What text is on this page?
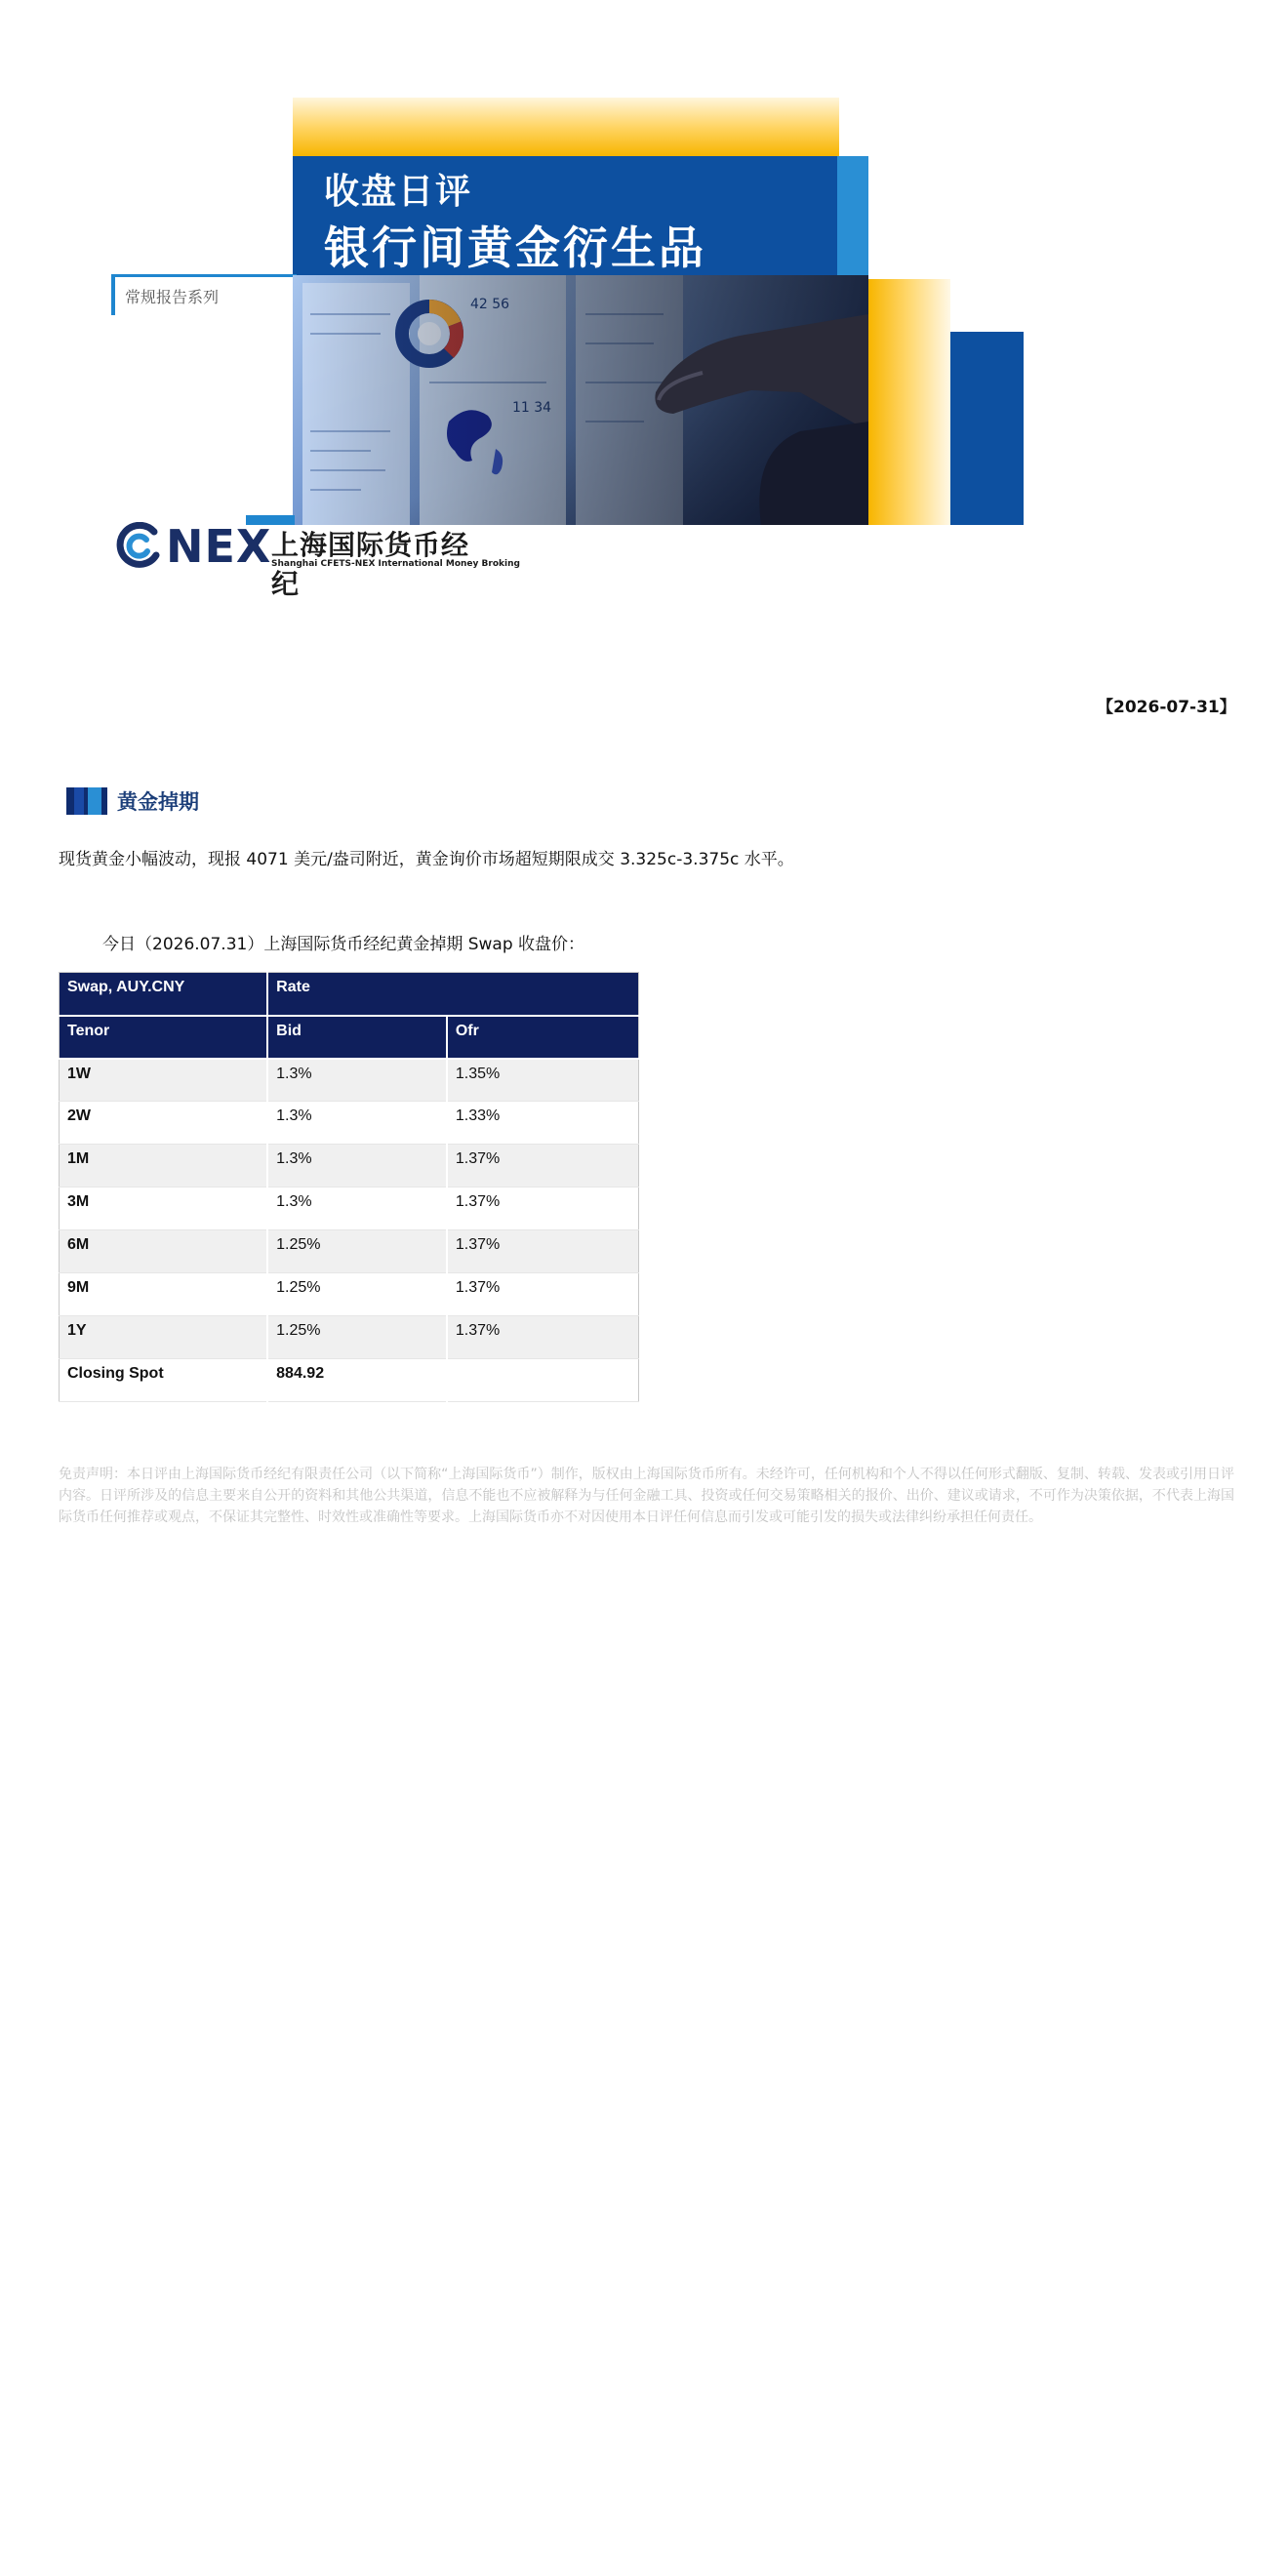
收盘日评
银行间黄金衍生品
常规报告系列
NEX 上海国际货币经纪
Shanghai CFETS-NEX International Money Broking
【2026-07-31】
黄金掉期
现货黄金小幅波动，现报 4071 美元/盎司附近，黄金询价市场超短期限成交 3.325c-3.375c 水平。
今日（2026.07.31）上海国际货币经纪黄金掉期 Swap 收盘价：
Swap, AUY.CNY	Rate	
Tenor	Bid	Ofr
1W	1.3%	1.35%
2W	1.3%	1.33%
1M	1.3%	1.37%
3M	1.3%	1.37%
6M	1.25%	1.37%
9M	1.25%	1.37%
1Y	1.25%	1.37%
Closing Spot	884.92	
免责声明：本日评由上海国际货币经纪有限责任公司（以下简称“上海国际货币”）制作，版权由上海国际货币所有。未经许可，任何机构和个人不得以任何形式翻版、复制、转载、发表或引用日评内容。日评所涉及的信息主要来自公开的资料和其他公共渠道，信息不能也不应被解释为与任何金融工具、投资或任何交易策略相关的报价、出价、建议或请求，不可作为决策依据，不代表上海国际货币任何推荐或观点，不保证其完整性、时效性或准确性等要求。上海国际货币亦不对因使用本日评任何信息而引发或可能引发的损失或法律纠纷承担任何责任。
